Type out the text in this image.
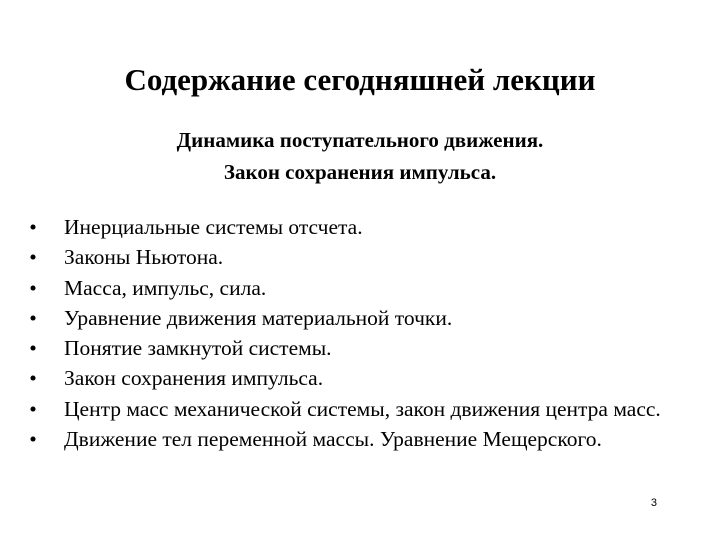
Содержание сегодняшней лекции
Динамика поступательного движения.
Закон сохранения импульса.
• Инерциальные системы отсчета.
• Законы Ньютона.
• Масса, импульс, сила.
• Уравнение движения материальной точки.
• Понятие замкнутой системы.
• Закон сохранения импульса.
• Центр масс механической системы, закон движения центра масс.
• Движение тел переменной массы. Уравнение Мещерского.
3
